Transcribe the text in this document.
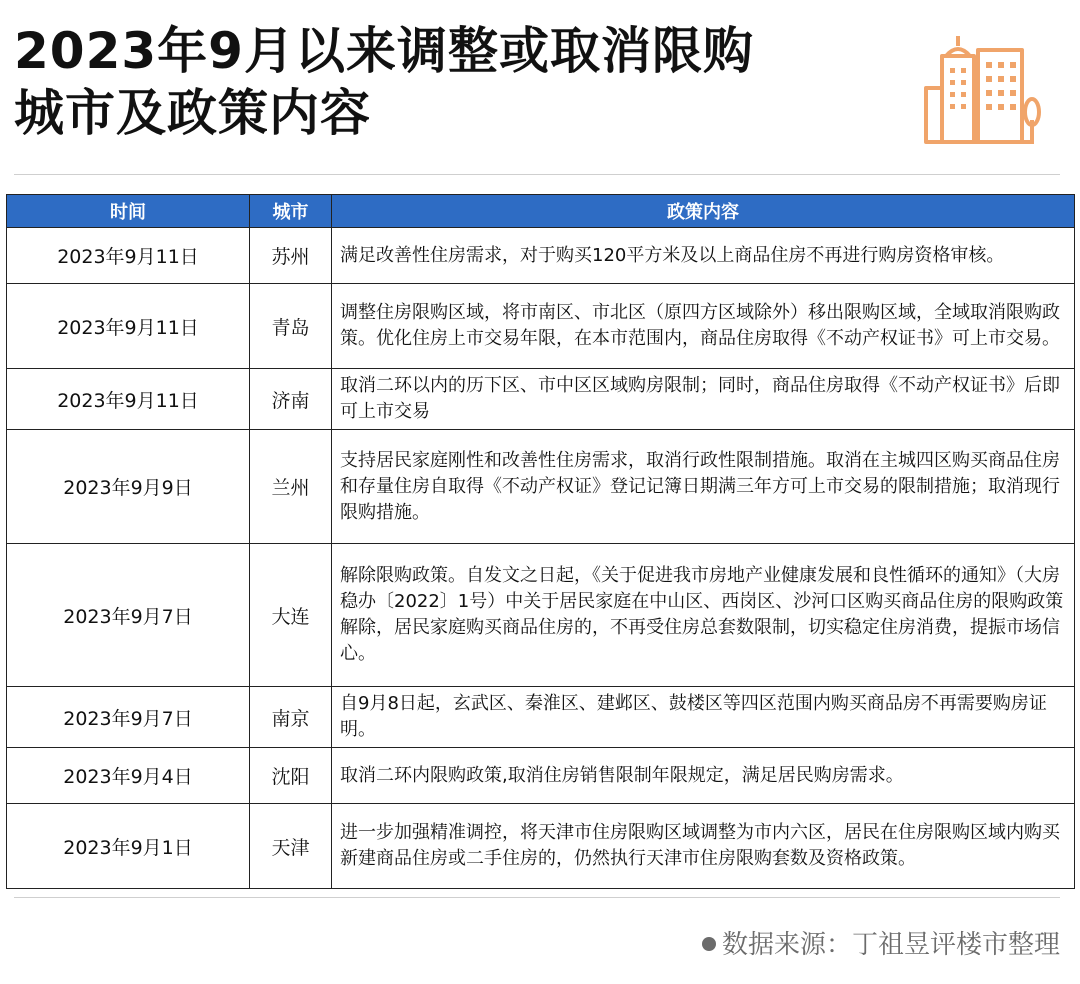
2023年9月以来调整或取消限购
城市及政策内容
时间	城市	政策内容
2023年9月11日	苏州	满足改善性住房需求，对于购买120平方米及以上商品住房不再进行购房资格审核。
2023年9月11日	青岛	调整住房限购区域，将市南区、市北区（原四方区域除外）移出限购区域，全域取消限购政策。优化住房上市交易年限，在本市范围内，商品住房取得《不动产权证书》可上市交易。
2023年9月11日	济南	取消二环以内的历下区、市中区区域购房限制；同时，商品住房取得《不动产权证书》后即可上市交易
2023年9月9日	兰州	支持居民家庭刚性和改善性住房需求，取消行政性限制措施。取消在主城四区购买商品住房和存量住房自取得《不动产权证》登记记簿日期满三年方可上市交易的限制措施；取消现行限购措施。
2023年9月7日	大连	解除限购政策。自发文之日起，《关于促进我市房地产业健康发展和良性循环的通知》（大房稳办〔2022〕1号）中关于居民家庭在中山区、西岗区、沙河口区购买商品住房的限购政策解除，居民家庭购买商品住房的，不再受住房总套数限制，切实稳定住房消费，提振市场信心。
2023年9月7日	南京	自9月8日起，玄武区、秦淮区、建邺区、鼓楼区等四区范围内购买商品房不再需要购房证明。
2023年9月4日	沈阳	取消二环内限购政策,取消住房销售限制年限规定，满足居民购房需求。
2023年9月1日	天津	进一步加强精准调控，将天津市住房限购区域调整为市内六区，居民在住房限购区域内购买新建商品住房或二手住房的，仍然执行天津市住房限购套数及资格政策。
数据来源：丁祖昱评楼市整理
